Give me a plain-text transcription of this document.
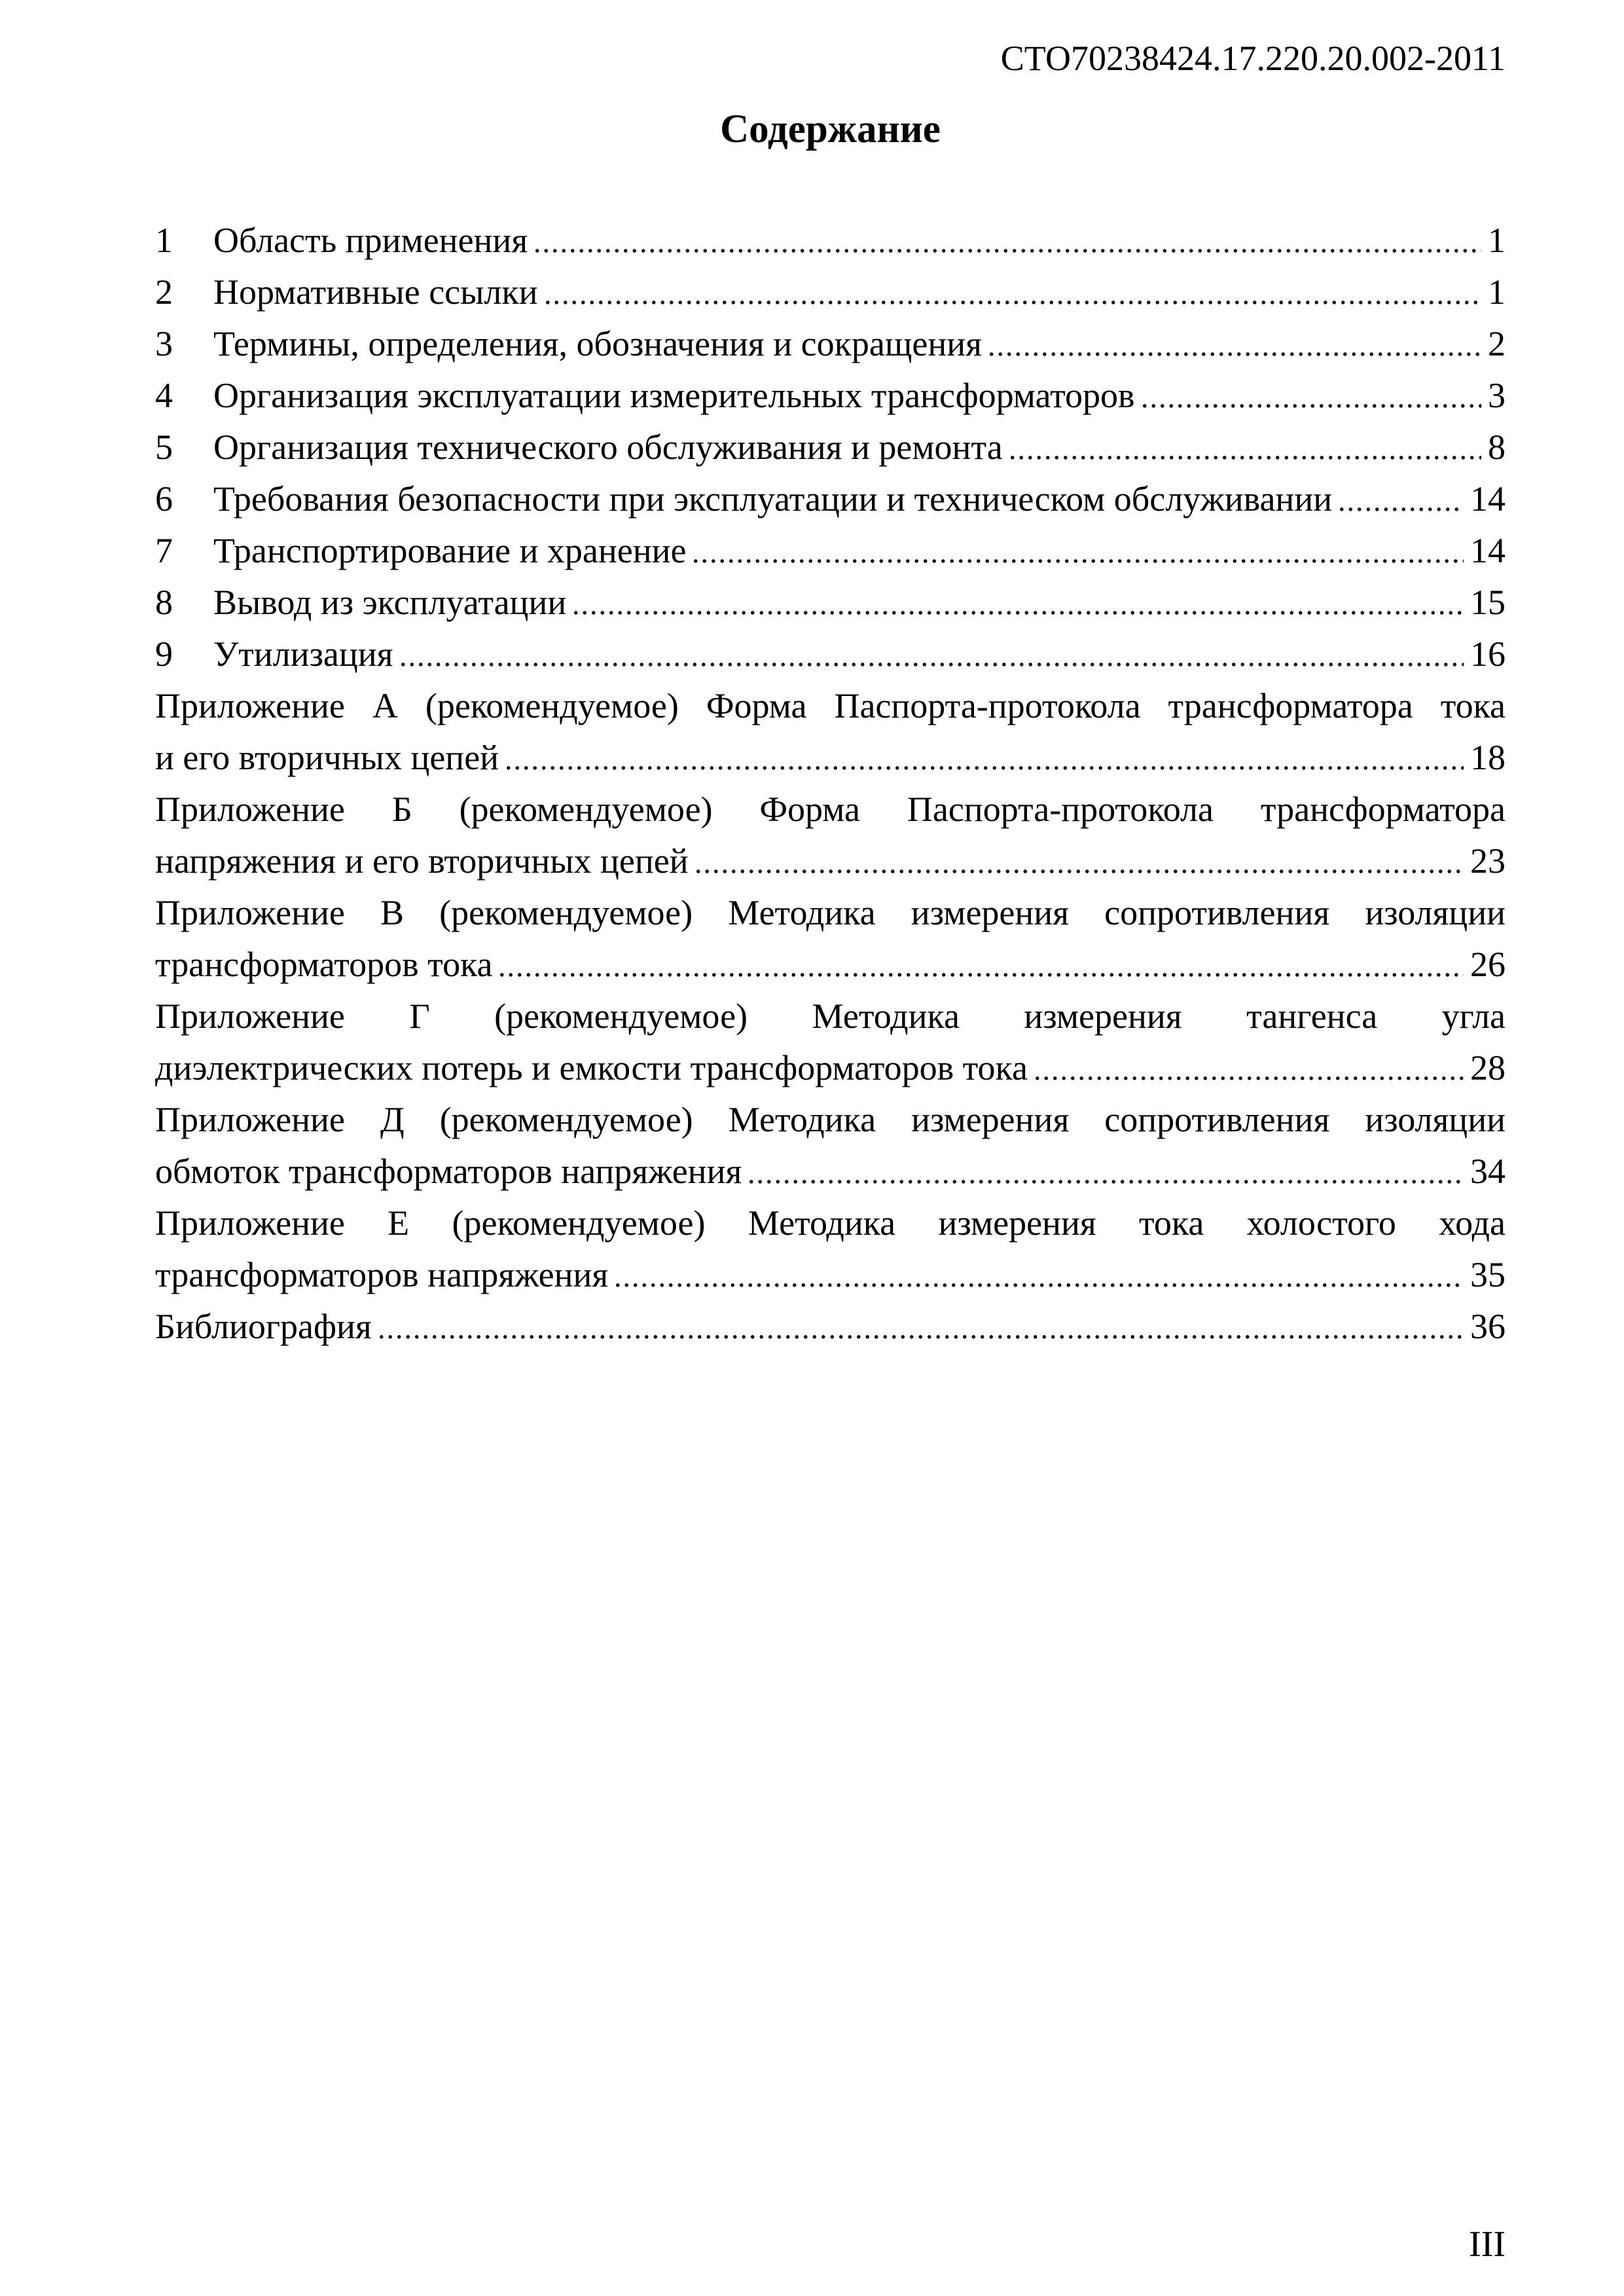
СТО70238424.17.220.20.002-2011
Содержание
1	Область применения	1
2	Нормативные ссылки	1
3	Термины, определения, обозначения и сокращения	2
4	Организация эксплуатации измерительных трансформаторов	3
5	Организация технического обслуживания и ремонта	8
6	Требования безопасности при эксплуатации и техническом обслуживании	14
7	Транспортирование и хранение	14
8	Вывод из эксплуатации	15
9	Утилизация	16
Приложение А (рекомендуемое) Форма Паспорта-протокола трансформатора тока
и его вторичных цепей	18
Приложение Б (рекомендуемое) Форма Паспорта-протокола трансформатора
напряжения и его вторичных цепей	23
Приложение В (рекомендуемое) Методика измерения сопротивления изоляции
трансформаторов тока	26
Приложение Г (рекомендуемое) Методика измерения тангенса угла
диэлектрических потерь и емкости трансформаторов тока	28
Приложение Д (рекомендуемое) Методика измерения сопротивления изоляции
обмоток трансформаторов напряжения	34
Приложение Е (рекомендуемое) Методика измерения тока холостого хода
трансформаторов напряжения	35
Библиография	36
III
